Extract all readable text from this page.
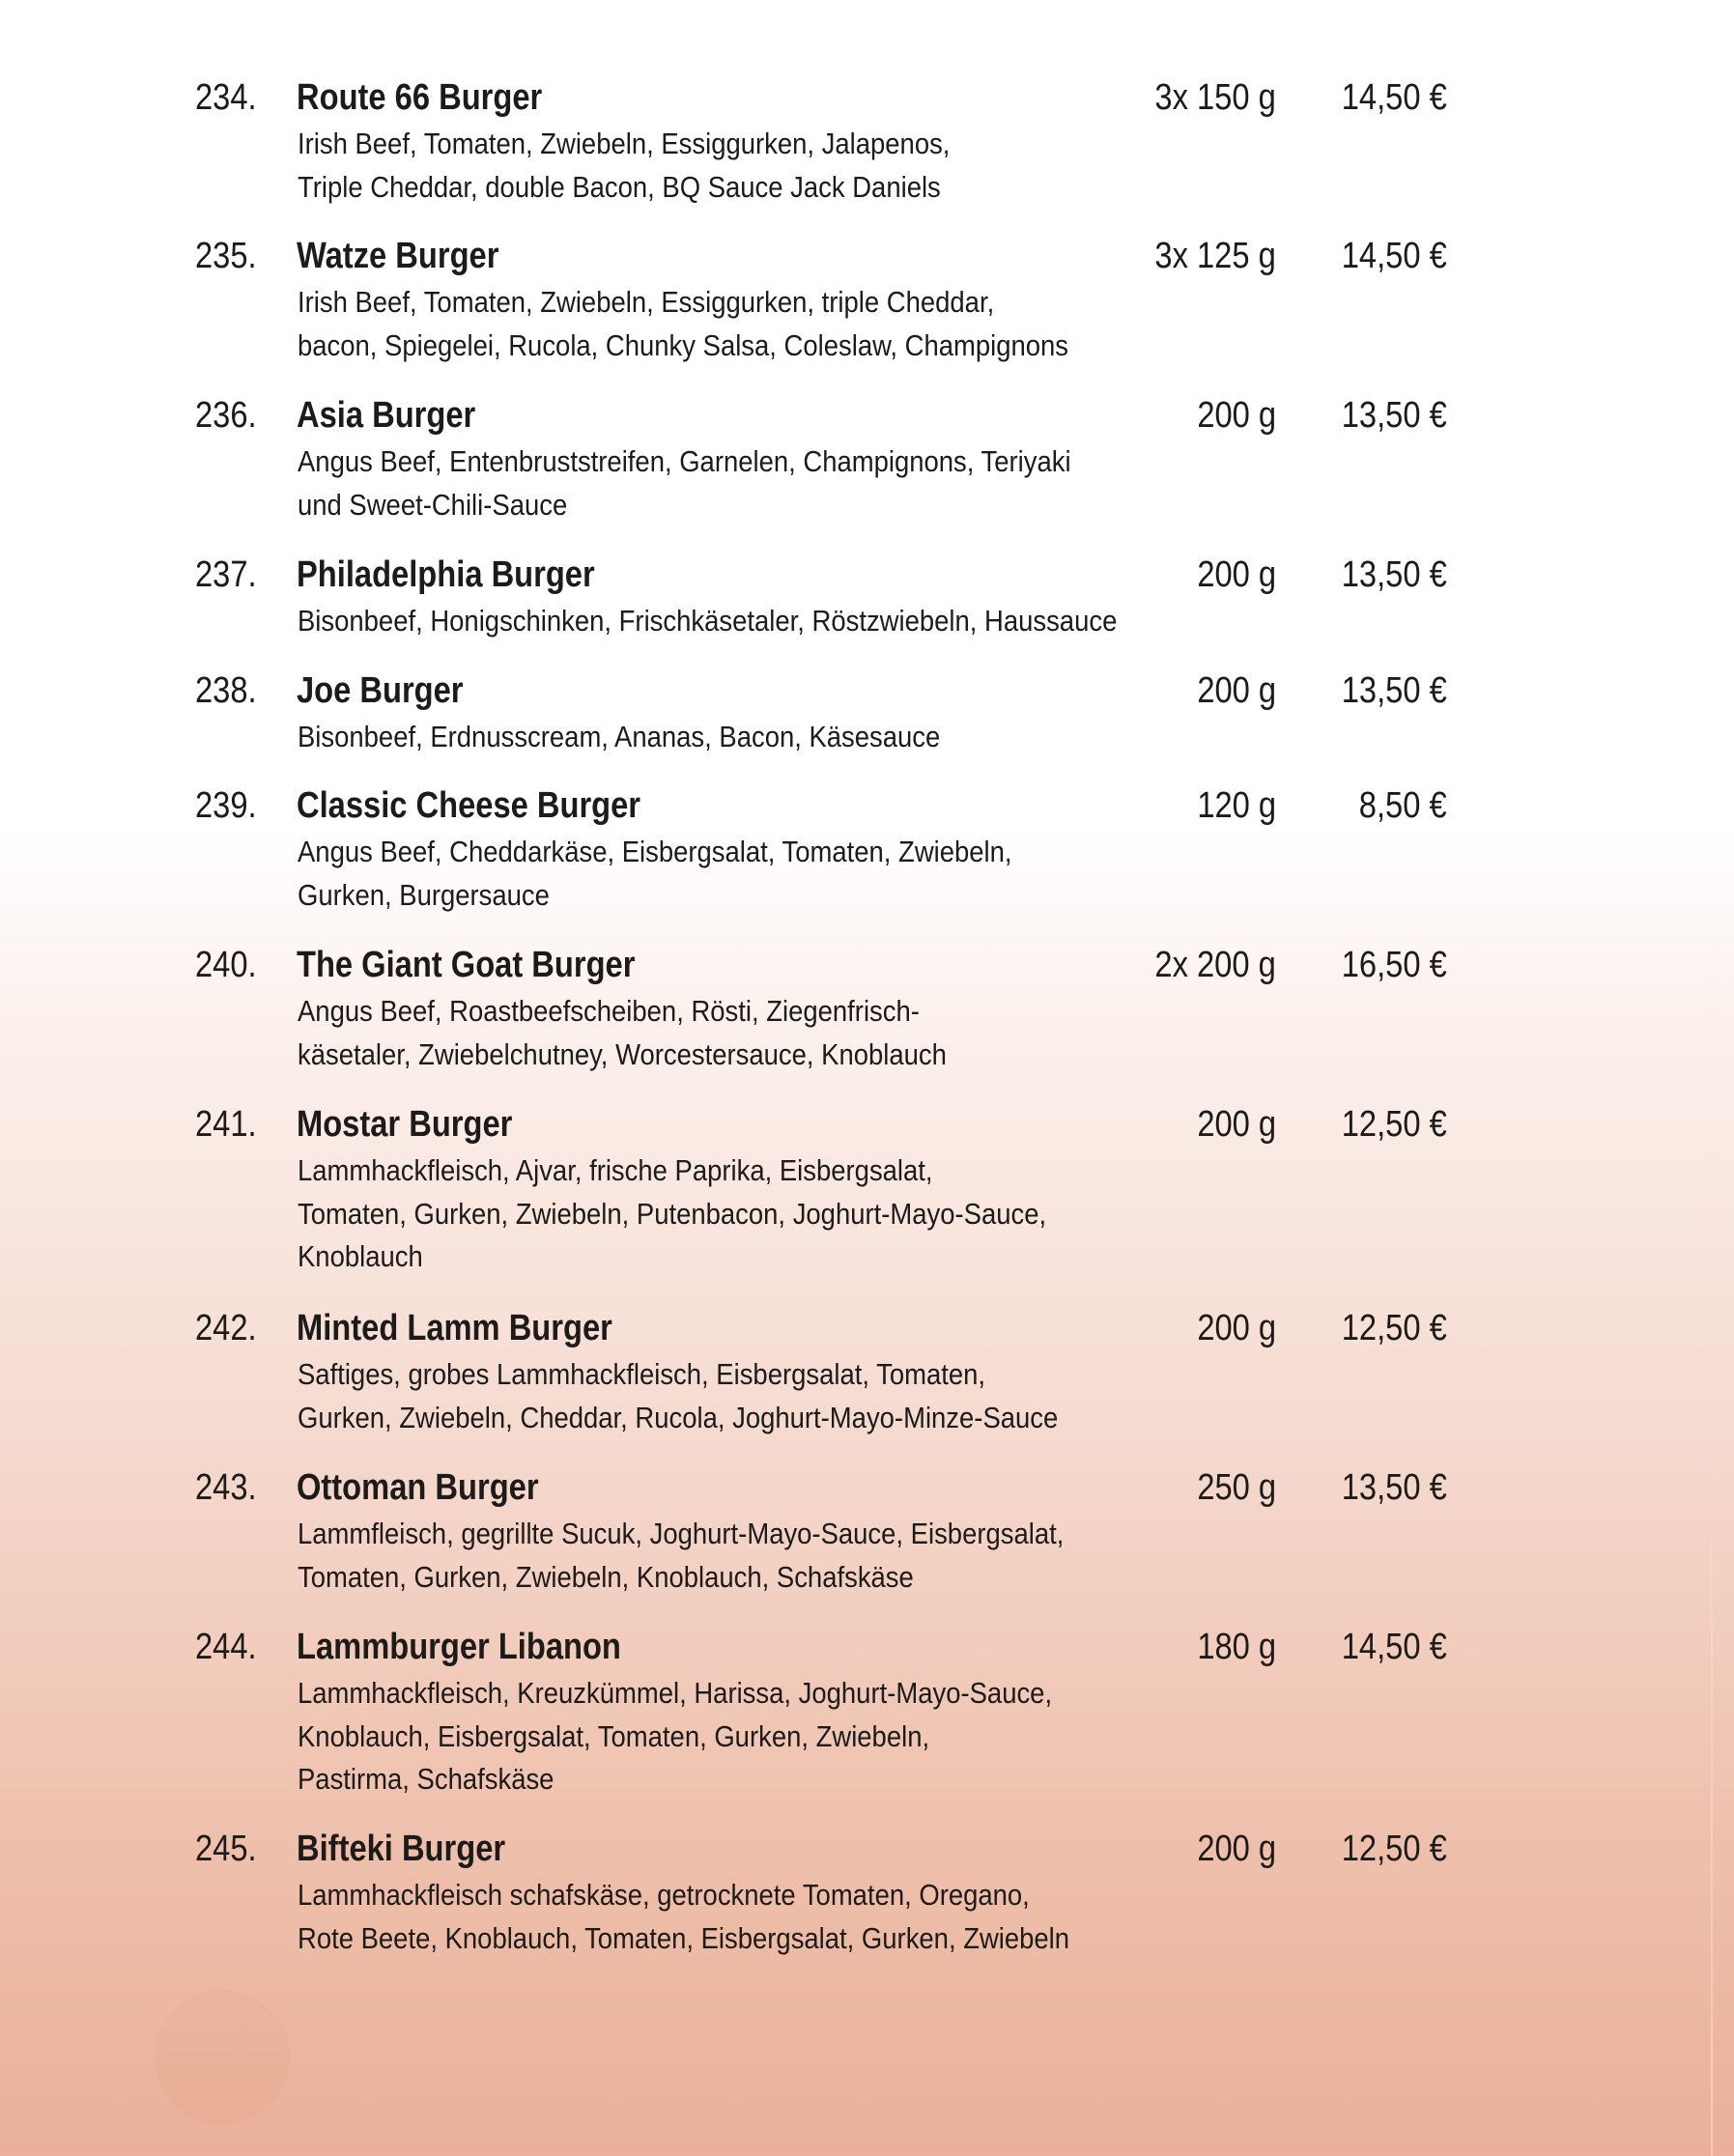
234. Route 66 Burger	3x 150 g 14,50 €
Irish Beef, Tomaten, Zwiebeln, Essiggurken, Jalapenos,
Triple Cheddar, double Bacon, BQ Sauce Jack Daniels
235. Watze Burger	3x 125 g 14,50 €
Irish Beef, Tomaten, Zwiebeln, Essiggurken, triple Cheddar,
bacon, Spiegelei, Rucola, Chunky Salsa, Coleslaw, Champignons
236. Asia Burger	200 g 13,50 €
Angus Beef, Entenbruststreifen, Garnelen, Champignons, Teriyaki
und Sweet-Chili-Sauce
237. Philadelphia Burger	200 g 13,50 €
Bisonbeef, Honigschinken, Frischkäsetaler, Röstzwiebeln, Haussauce
238. Joe Burger	200 g 13,50 €
Bisonbeef, Erdnusscream, Ananas, Bacon, Käsesauce
239. Classic Cheese Burger	120 g 8,50 €
Angus Beef, Cheddarkäse, Eisbergsalat, Tomaten, Zwiebeln,
Gurken, Burgersauce
240. The Giant Goat Burger	2x 200 g 16,50 €
Angus Beef, Roastbeefscheiben, Rösti, Ziegenfrisch-
käsetaler, Zwiebelchutney, Worcestersauce, Knoblauch
241. Mostar Burger	200 g 12,50 €
Lammhackfleisch, Ajvar, frische Paprika, Eisbergsalat,
Tomaten, Gurken, Zwiebeln, Putenbacon, Joghurt-Mayo-Sauce,
Knoblauch
242. Minted Lamm Burger	200 g 12,50 €
Saftiges, grobes Lammhackfleisch, Eisbergsalat, Tomaten,
Gurken, Zwiebeln, Cheddar, Rucola, Joghurt-Mayo-Minze-Sauce
243. Ottoman Burger	250 g 13,50 €
Lammfleisch, gegrillte Sucuk, Joghurt-Mayo-Sauce, Eisbergsalat,
Tomaten, Gurken, Zwiebeln, Knoblauch, Schafskäse
244. Lammburger Libanon	180 g 14,50 €
Lammhackfleisch, Kreuzkümmel, Harissa, Joghurt-Mayo-Sauce,
Knoblauch, Eisbergsalat, Tomaten, Gurken, Zwiebeln,
Pastirma, Schafskäse
245. Bifteki Burger	200 g 12,50 €
Lammhackfleisch schafskäse, getrocknete Tomaten, Oregano,
Rote Beete, Knoblauch, Tomaten, Eisbergsalat, Gurken, Zwiebeln
